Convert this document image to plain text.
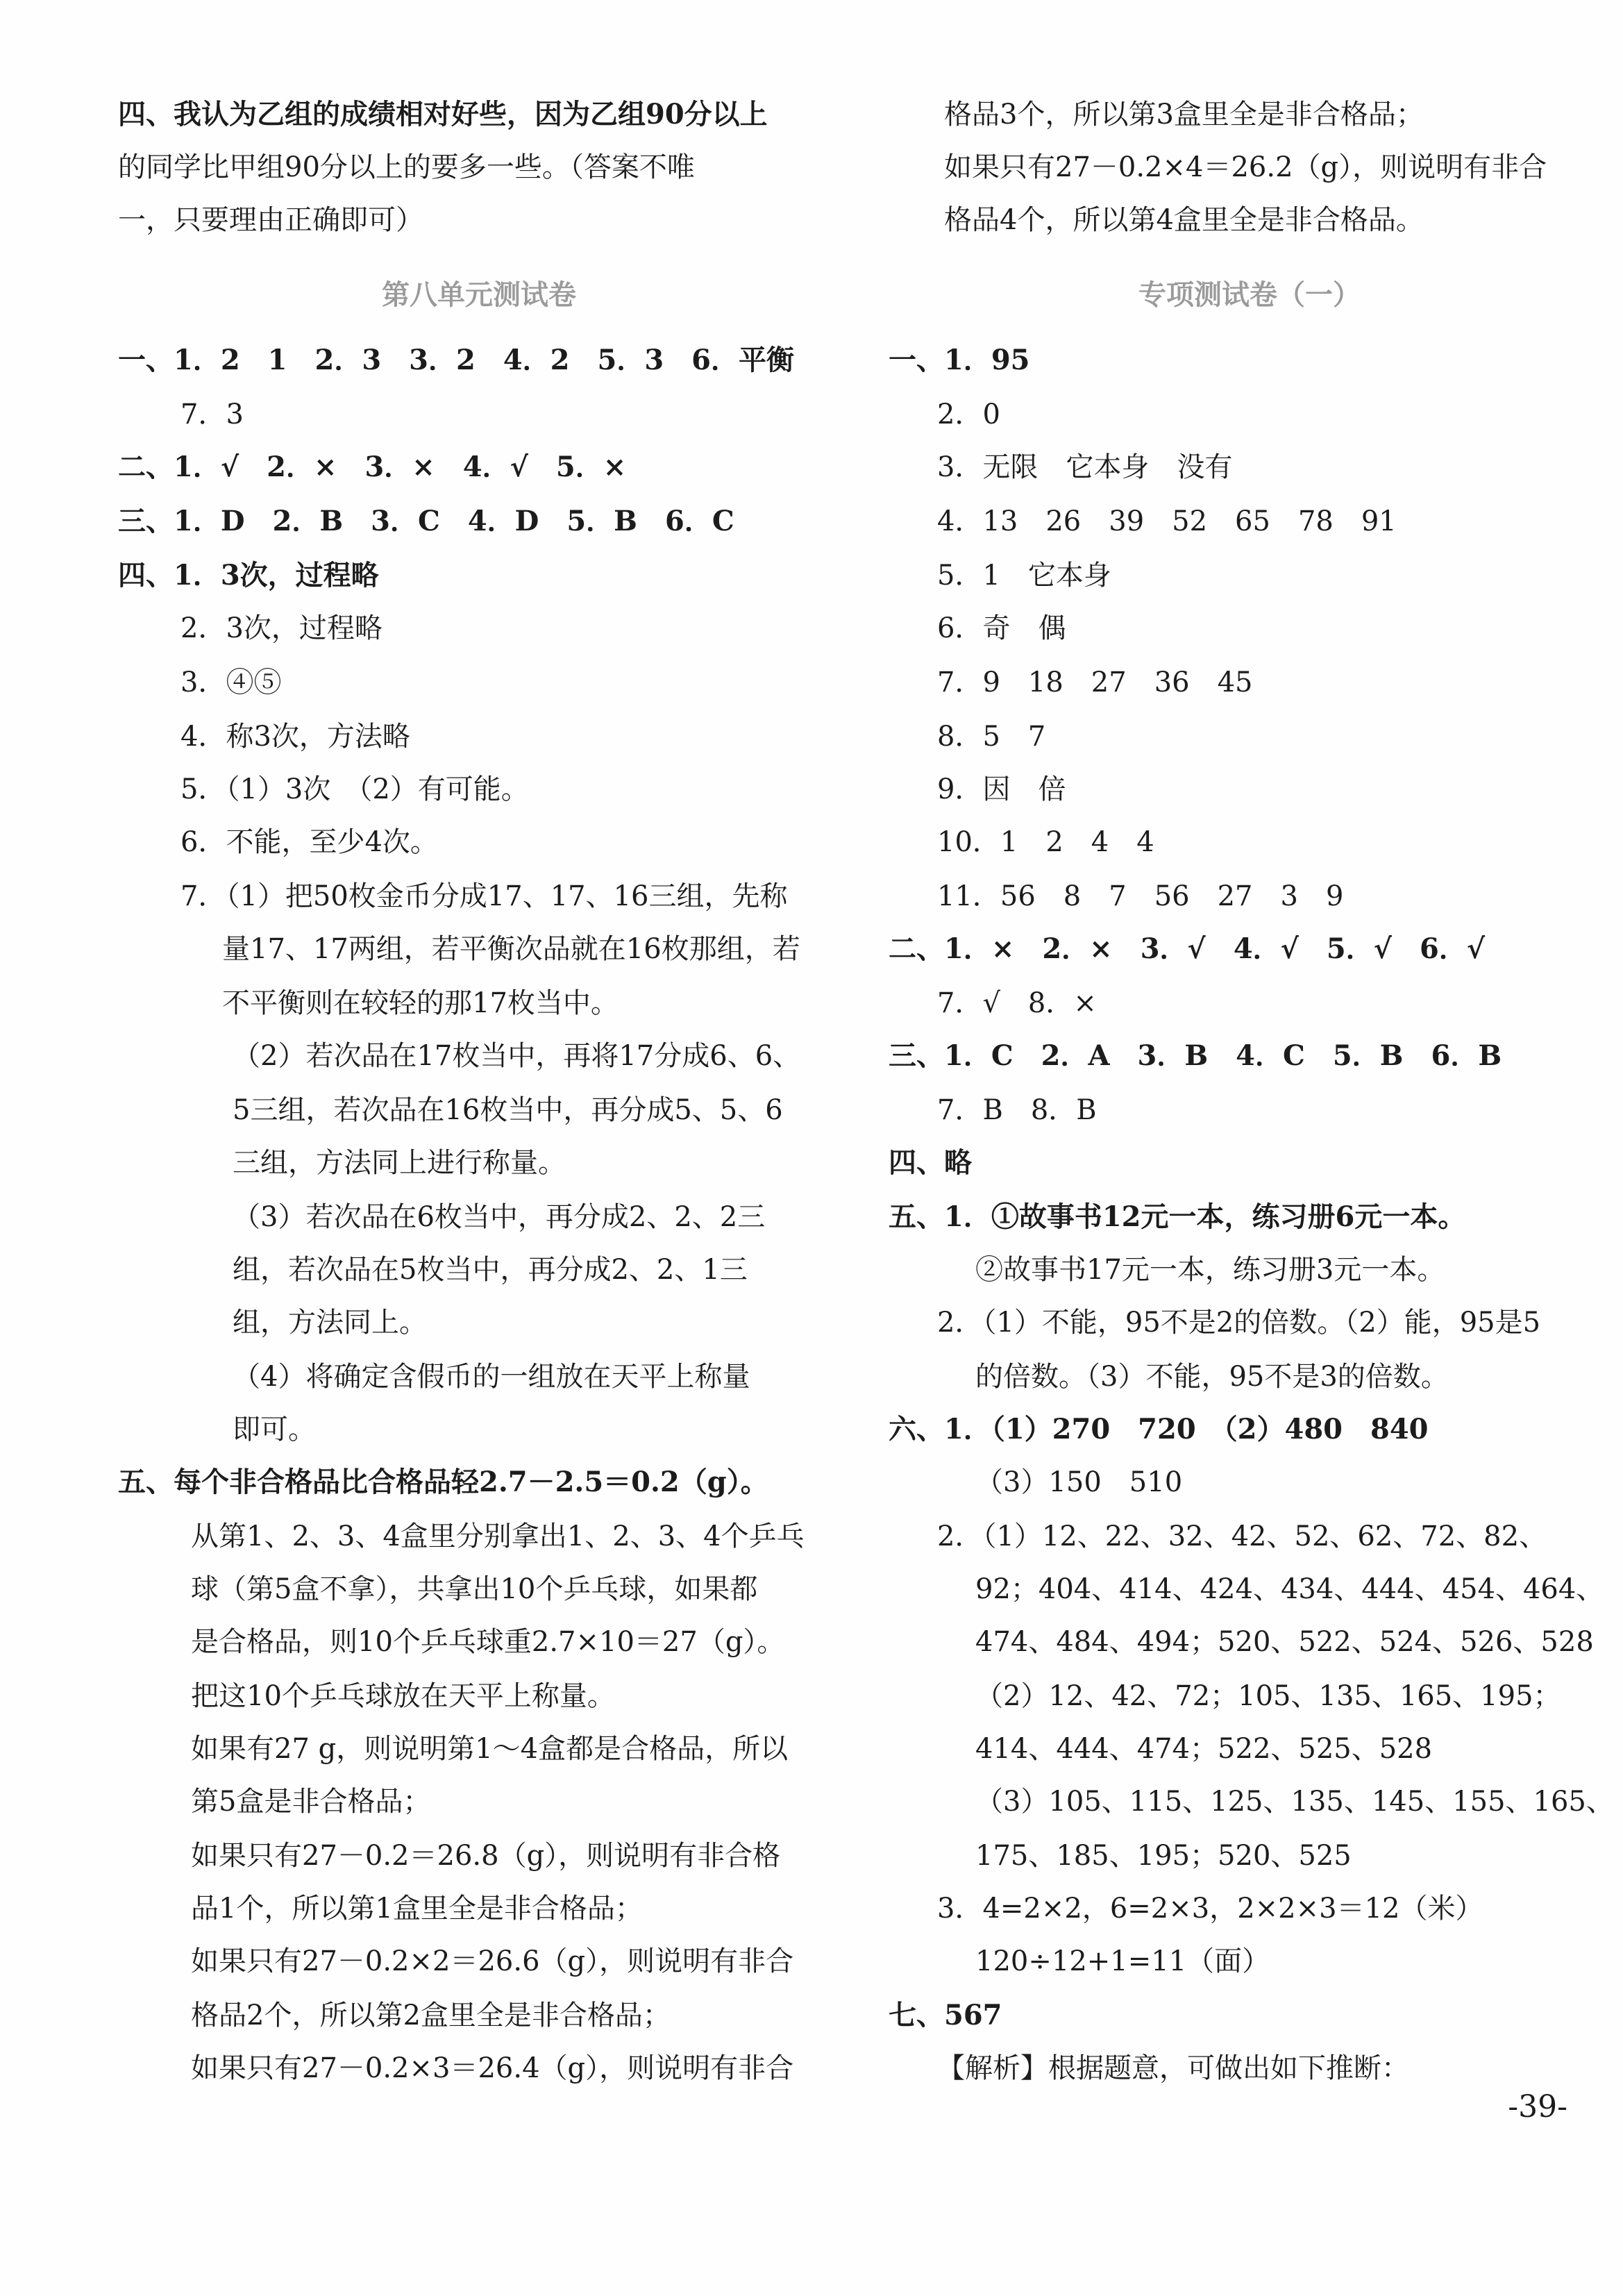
四、我认为乙组的成绩相对好些，因为乙组90分以上
的同学比甲组90分以上的要多一些。（答案不唯
一，只要理由正确即可）
第八单元测试卷
一、1．2　1　2．3　3．2　4．2　5．3　6．平衡
7．3
二、1．√　2．×　3．×　4．√　5．×
三、1．D　2．B　3．C　4．D　5．B　6．C
四、1．3次，过程略
2．3次，过程略
3．④⑤
4．称3次，方法略
5．（1）3次　（2）有可能。
6．不能，至少4次。
7．（1）把50枚金币分成17、17、16三组，先称
量17、17两组，若平衡次品就在16枚那组，若
不平衡则在较轻的那17枚当中。
（2）若次品在17枚当中，再将17分成6、6、
5三组，若次品在16枚当中，再分成5、5、6
三组，方法同上进行称量。
（3）若次品在6枚当中，再分成2、2、2三
组，若次品在5枚当中，再分成2、2、1三
组，方法同上。
（4）将确定含假币的一组放在天平上称量
即可。
五、每个非合格品比合格品轻2.7－2.5＝0.2（g）。
从第1、2、3、4盒里分别拿出1、2、3、4个乒乓
球（第5盒不拿），共拿出10个乒乓球，如果都
是合格品，则10个乒乓球重2.7×10＝27（g）。
把这10个乒乓球放在天平上称量。
如果有27 g，则说明第1～4盒都是合格品，所以
第5盒是非合格品；
如果只有27－0.2＝26.8（g），则说明有非合格
品1个，所以第1盒里全是非合格品；
如果只有27－0.2×2＝26.6（g），则说明有非合
格品2个，所以第2盒里全是非合格品；
如果只有27－0.2×3＝26.4（g），则说明有非合
格品3个，所以第3盒里全是非合格品；
如果只有27－0.2×4＝26.2（g），则说明有非合
格品4个，所以第4盒里全是非合格品。
专项测试卷（一）
一、1．95
2．0
3．无限　它本身　没有
4．13　26　39　52　65　78　91
5．1　它本身
6．奇　偶
7．9　18　27　36　45
8．5　7
9．因　倍
10．1　2　4　4
11．56　8　7　56　27　3　9
二、1．×　2．×　3．√　4．√　5．√　6．√
7．√　8．×
三、1．C　2．A　3．B　4．C　5．B　6．B
7．B　8．B
四、略
五、1．①故事书12元一本，练习册6元一本。
②故事书17元一本，练习册3元一本。
2．（1）不能，95不是2的倍数。（2）能，95是5
的倍数。（3）不能，95不是3的倍数。
六、1．（1）270　720　（2）480　840
（3）150　510
2．（1）12、22、32、42、52、62、72、82、
92；404、414、424、434、444、454、464、
474、484、494；520、522、524、526、528
（2）12、42、72；105、135、165、195；
414、444、474；522、525、528
（3）105、115、125、135、145、155、165、
175、185、195；520、525
3．4=2×2，6=2×3，2×2×3＝12（米）
120÷12+1=11（面）
七、567
【解析】根据题意，可做出如下推断：
-39-
